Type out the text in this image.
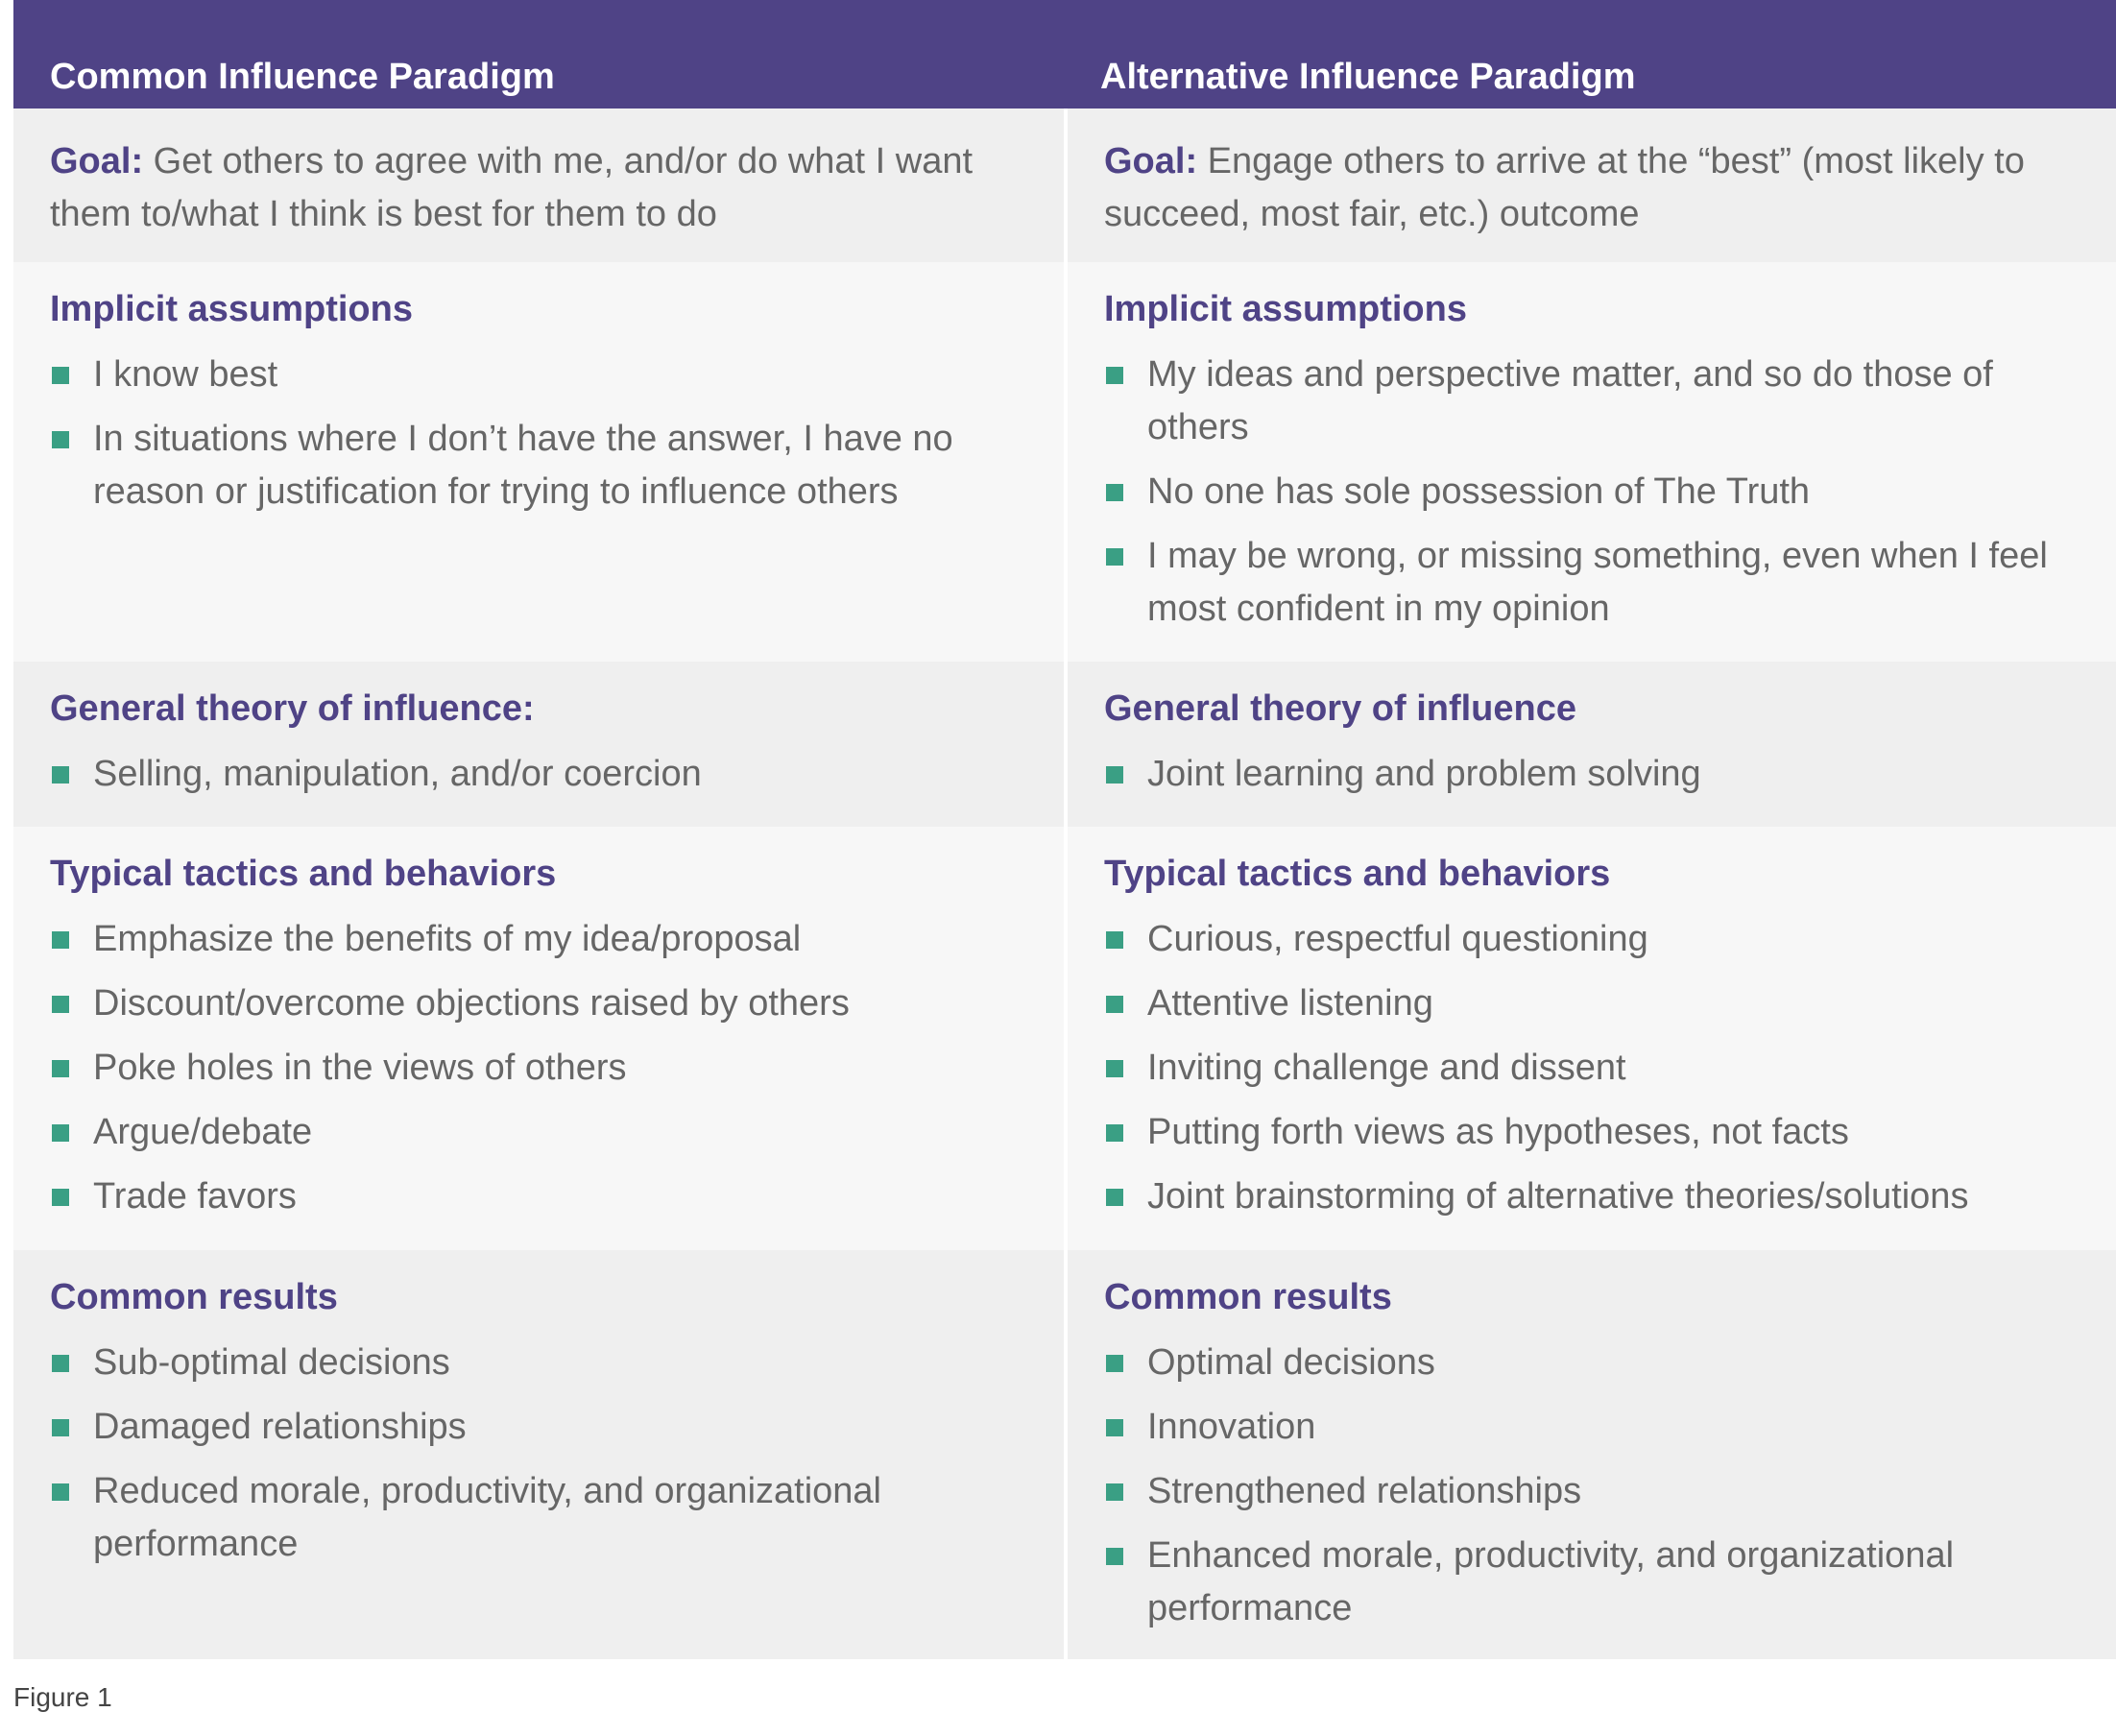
Common Influence Paradigm	Alternative Influence Paradigm

Goal: Get others to agree with me, and/or do what I want them to/what I think is best for them to do

Goal: Engage others to arrive at the “best” (most likely to succeed, most fair, etc.) outcome

Implicit assumptions
I know best
In situations where I don’t have the answer, I have no reason or justification for trying to influence others
Implicit assumptions
My ideas and perspective matter, and so do those of others
No one has sole possession of The Truth
I may be wrong, or missing something, even when I feel most confident in my opinion
General theory of influence:
Selling, manipulation, and/or coercion
General theory of influence
Joint learning and problem solving
Typical tactics and behaviors
Emphasize the benefits of my idea/proposal
Discount/overcome objections raised by others
Poke holes in the views of others
Argue/debate
Trade favors
Typical tactics and behaviors
Curious, respectful questioning
Attentive listening
Inviting challenge and dissent
Putting forth views as hypotheses, not facts
Joint brainstorming of alternative theories/solutions
Common results
Sub-optimal decisions
Damaged relationships
Reduced morale, productivity, and organizational performance
Common results
Optimal decisions
Innovation
Strengthened relationships
Enhanced morale, productivity, and organizational performance
Figure 1
